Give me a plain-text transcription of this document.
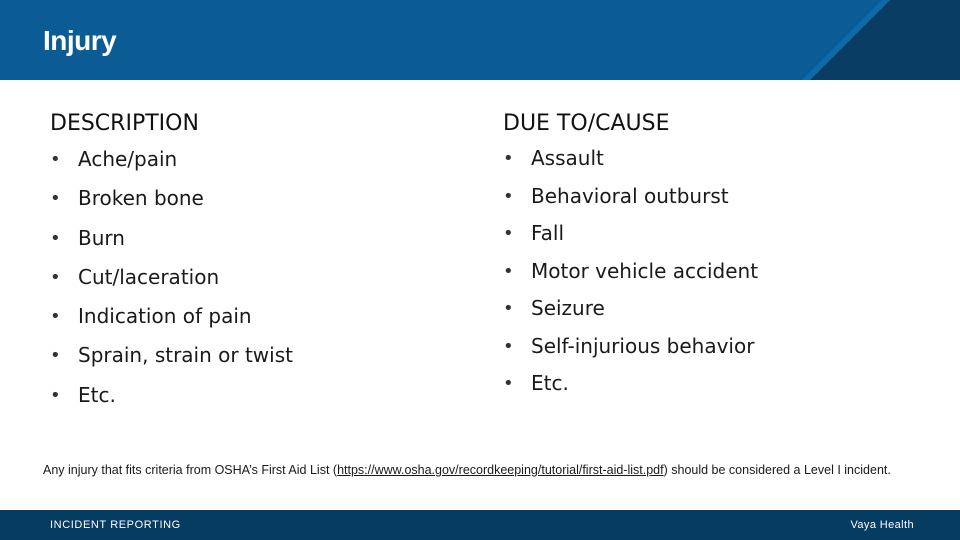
Injury
DESCRIPTION
• Ache/pain
• Broken bone
• Burn
• Cut/laceration
• Indication of pain
• Sprain, strain or twist
• Etc.
DUE TO/CAUSE
• Assault
• Behavioral outburst
• Fall
• Motor vehicle accident
• Seizure
• Self-injurious behavior
• Etc.
Any injury that fits criteria from OSHA’s First Aid List (https://www.osha.gov/recordkeeping/tutorial/first-aid-list.pdf) should be considered a Level I incident.
INCIDENT REPORTING	Vaya Health
